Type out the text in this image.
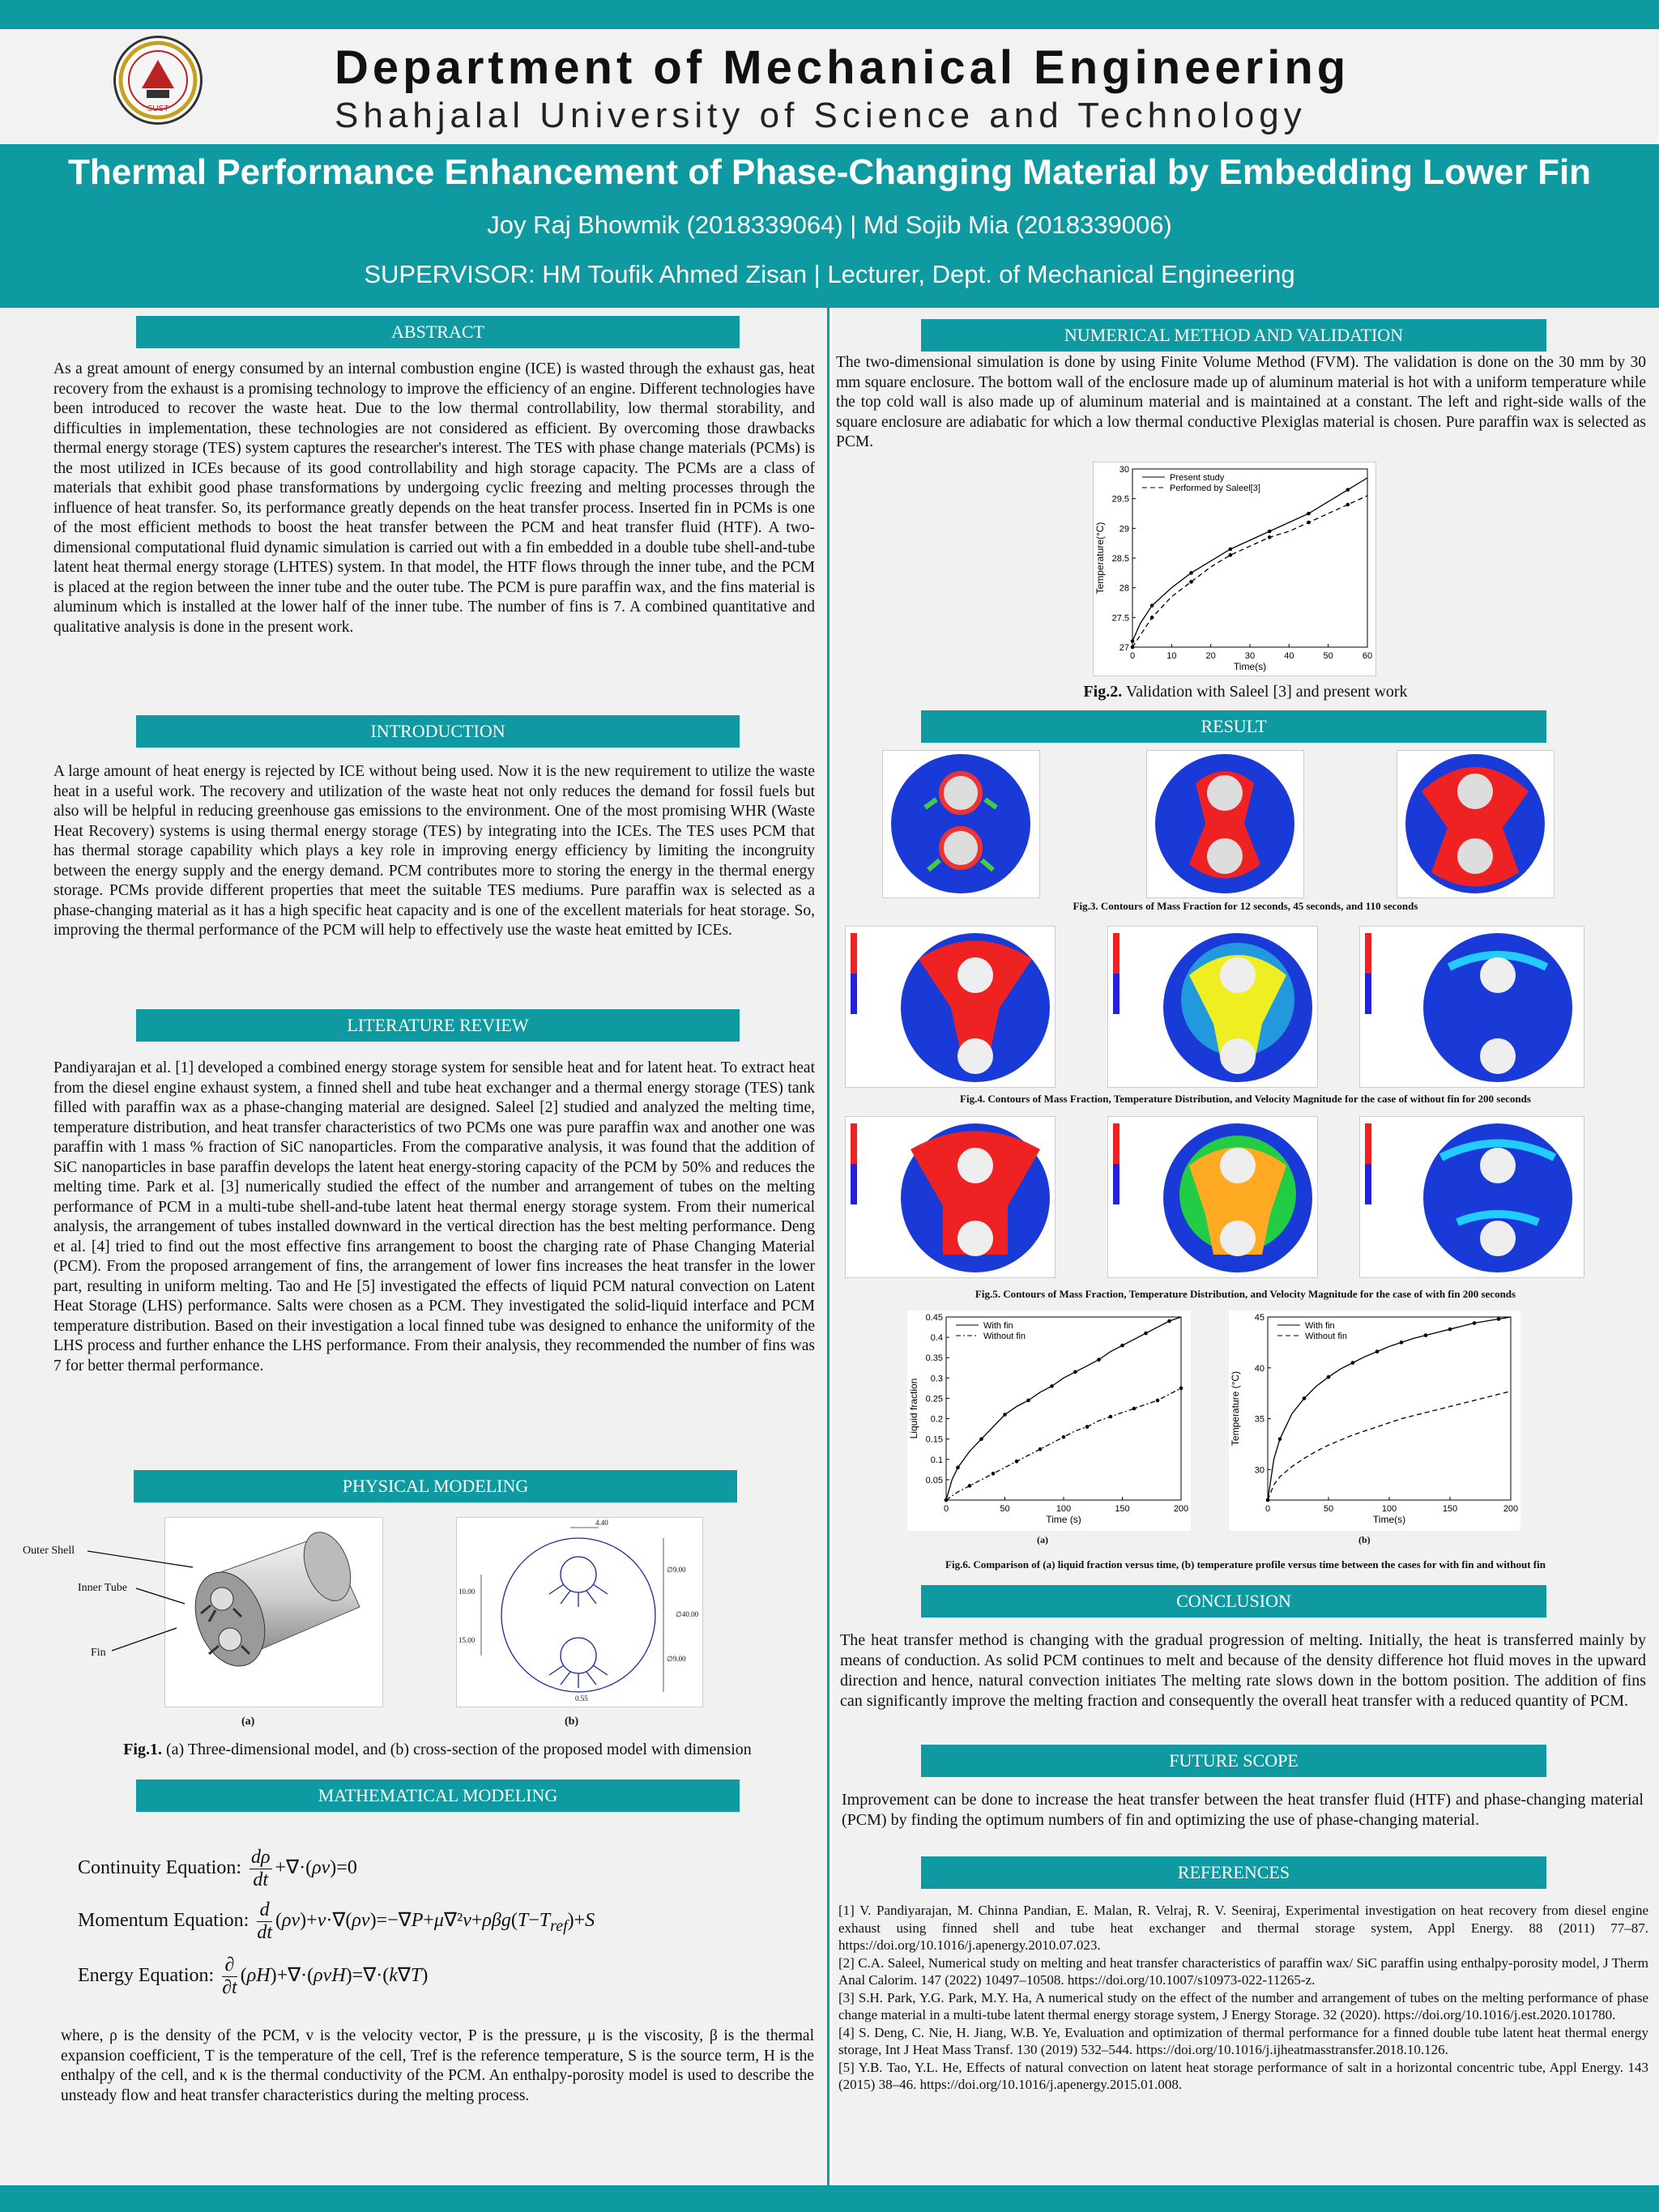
SUST
Department of Mechanical Engineering
Shahjalal University of Science and Technology
Thermal Performance Enhancement of Phase-Changing Material by Embedding Lower Fin
Joy Raj Bhowmik (2018339064) | Md Sojib Mia (2018339006)
SUPERVISOR: HM Toufik Ahmed Zisan | Lecturer, Dept. of Mechanical Engineering
ABSTRACT
As a great amount of energy consumed by an internal combustion engine (ICE) is wasted through the exhaust gas, heat recovery from the exhaust is a promising technology to improve the efficiency of an engine. Different technologies have been introduced to recover the waste heat. Due to the low thermal controllability, low thermal storability, and difficulties in implementation, these technologies are not considered as efficient. By overcoming those drawbacks thermal energy storage (TES) system captures the researcher's interest. The TES with phase change materials (PCMs) is the most utilized in ICEs because of its good controllability and high storage capacity. The PCMs are a class of materials that exhibit good phase transformations by undergoing cyclic freezing and melting processes through the influence of heat transfer. So, its performance greatly depends on the heat transfer process. Inserted fin in PCMs is one of the most efficient methods to boost the heat transfer between the PCM and heat transfer fluid (HTF). A two-dimensional computational fluid dynamic simulation is carried out with a fin embedded in a double tube shell-and-tube latent heat thermal energy storage (LHTES) system. In that model, the HTF flows through the inner tube, and the PCM is placed at the region between the inner tube and the outer tube. The PCM is pure paraffin wax, and the fins material is aluminum which is installed at the lower half of the inner tube. The number of fins is 7. A combined quantitative and qualitative analysis is done in the present work.
INTRODUCTION
A large amount of heat energy is rejected by ICE without being used. Now it is the new requirement to utilize the waste heat in a useful work. The recovery and utilization of the waste heat not only reduces the demand for fossil fuels but also will be helpful in reducing greenhouse gas emissions to the environment. One of the most promising WHR (Waste Heat Recovery) systems is using thermal energy storage (TES) by integrating into the ICEs. The TES uses PCM that has thermal storage capability which plays a key role in improving energy efficiency by limiting the incongruity between the energy supply and the energy demand. PCM contributes more to storing the energy in the thermal energy storage. PCMs provide different properties that meet the suitable TES mediums. Pure paraffin wax is selected as a phase-changing material as it has a high specific heat capacity and is one of the excellent materials for heat storage. So, improving the thermal performance of the PCM will help to effectively use the waste heat emitted by ICEs.
LITERATURE REVIEW
Pandiyarajan et al. [1] developed a combined energy storage system for sensible heat and for latent heat. To extract heat from the diesel engine exhaust system, a finned shell and tube heat exchanger and a thermal energy storage (TES) tank filled with paraffin wax as a phase-changing material are designed. Saleel [2] studied and analyzed the melting time, temperature distribution, and heat transfer characteristics of two PCMs one was pure paraffin wax and another one was paraffin with 1 mass % fraction of SiC nanoparticles. From the comparative analysis, it was found that the addition of SiC nanoparticles in base paraffin develops the latent heat energy-storing capacity of the PCM by 50% and reduces the melting time. Park et al. [3] numerically studied the effect of the number and arrangement of tubes on the melting performance of PCM in a multi-tube shell-and-tube latent heat thermal energy storage system. From their numerical analysis, the arrangement of tubes installed downward in the vertical direction has the best melting performance. Deng et al. [4] tried to find out the most effective fins arrangement to boost the charging rate of Phase Changing Material (PCM). From the proposed arrangement of fins, the arrangement of lower fins increases the heat transfer in the lower part, resulting in uniform melting. Tao and He [5] investigated the effects of liquid PCM natural convection on Latent Heat Storage (LHS) performance. Salts were chosen as a PCM. They investigated the solid-liquid interface and PCM temperature distribution. Based on their investigation a local finned tube was designed to enhance the uniformity of the LHS process and further enhance the LHS performance. From their analysis, they recommended the number of fins was 7 for better thermal performance.
PHYSICAL MODELING
Outer Shell
Inner Tube
Fin
(a)
4.40
∅9.00
∅40.00
∅9.00
10.00
15.00
0.55
(b)
Fig.1. (a) Three-dimensional model, and (b) cross-section of the proposed model with dimension
MATHEMATICAL MODELING
Continuity Equation: $\frac{d\rho}{dt} +\nabla\cdot(\rho v)=0$
Momentum Equation: $\frac{d}{dt} (\rho v)+v\cdot\nabla(\rho v)=-\nabla P+\mu\nabla^2v+\rho\beta g(T-T_{ref})+S$
Energy Equation:
∂
∂t
(ρH)+∇·(ρvH)=∇·(k∇T)
where, ρ is the density of the PCM, v is the velocity vector, P is the pressure, μ is the viscosity, β is the thermal expansion coefficient, T is the temperature of the cell, Tref is the reference temperature, S is the source term, H is the enthalpy of the cell, and κ is the thermal conductivity of the PCM. An enthalpy-porosity model is used to describe the unsteady flow and heat transfer characteristics during the melting process.
NUMERICAL METHOD AND VALIDATION
The two-dimensional simulation is done by using Finite Volume Method (FVM). The validation is done on the 30 mm by 30 mm square enclosure. The bottom wall of the enclosure made up of aluminum material is hot with a uniform temperature while the top cold wall is also made up of aluminum material and is maintained at a constant. The left and right-side walls of the square enclosure are adiabatic for which a low thermal conductive Plexiglas material is chosen. Pure paraffin wax is selected as PCM.
0	10	20	30	40	50	60
27
27.5
28
28.5
29
29.5
30
Time(s)
Temperature(°C)
Present study
Performed by Saleel[3]
Fig.2. Validation with Saleel [3] and present work
RESULT
Fig.3. Contours of Mass Fraction for 12 seconds, 45 seconds, and 110 seconds
Fig.4. Contours of Mass Fraction, Temperature Distribution, and Velocity Magnitude for the case of without fin for 200 seconds
Fig.5. Contours of Mass Fraction, Temperature Distribution, and Velocity Magnitude for the case of with fin 200 seconds
0	50	100	150	200
0.05
0.1
0.15
0.2
0.25
0.3
0.35
0.4
0.45
Time (s)
Liquid fraction
With fin
Without fin
0	50	100	150	200
30
35
40
45
Time(s)
Temperature (°C)
With fin
Without fin
(a)	(b)
Fig.6. Comparison of (a) liquid fraction versus time, (b) temperature profile versus time between the cases for with fin and without fin
CONCLUSION
The heat transfer method is changing with the gradual progression of melting. Initially, the heat is transferred mainly by means of conduction. As solid PCM continues to melt and because of the density difference hot fluid moves in the upward direction and hence, natural convection initiates The melting rate slows down in the bottom position. The addition of fins can significantly improve the melting fraction and consequently the overall heat transfer with a reduced quantity of PCM.
FUTURE SCOPE
Improvement can be done to increase the heat transfer between the heat transfer fluid (HTF) and phase-changing material (PCM) by finding the optimum numbers of fin and optimizing the use of phase-changing material.
REFERENCES
[1] V. Pandiyarajan, M. Chinna Pandian, E. Malan, R. Velraj, R. V. Seeniraj, Experimental investigation on heat recovery from diesel engine exhaust using finned shell and tube heat exchanger and thermal storage system, Appl Energy. 88 (2011) 77–87. https://doi.org/10.1016/j.apenergy.2010.07.023.
[2] C.A. Saleel, Numerical study on melting and heat transfer characteristics of paraffin wax/ SiC paraffin using enthalpy-porosity model, J Therm Anal Calorim. 147 (2022) 10497–10508. https://doi.org/10.1007/s10973-022-11265-z.
[3] S.H. Park, Y.G. Park, M.Y. Ha, A numerical study on the effect of the number and arrangement of tubes on the melting performance of phase change material in a multi-tube latent thermal energy storage system, J Energy Storage. 32 (2020). https://doi.org/10.1016/j.est.2020.101780.
[4] S. Deng, C. Nie, H. Jiang, W.B. Ye, Evaluation and optimization of thermal performance for a finned double tube latent heat thermal energy storage, Int J Heat Mass Transf. 130 (2019) 532–544. https://doi.org/10.1016/j.ijheatmasstransfer.2018.10.126.
[5] Y.B. Tao, Y.L. He, Effects of natural convection on latent heat storage performance of salt in a horizontal concentric tube, Appl Energy. 143 (2015) 38–46. https://doi.org/10.1016/j.apenergy.2015.01.008.
